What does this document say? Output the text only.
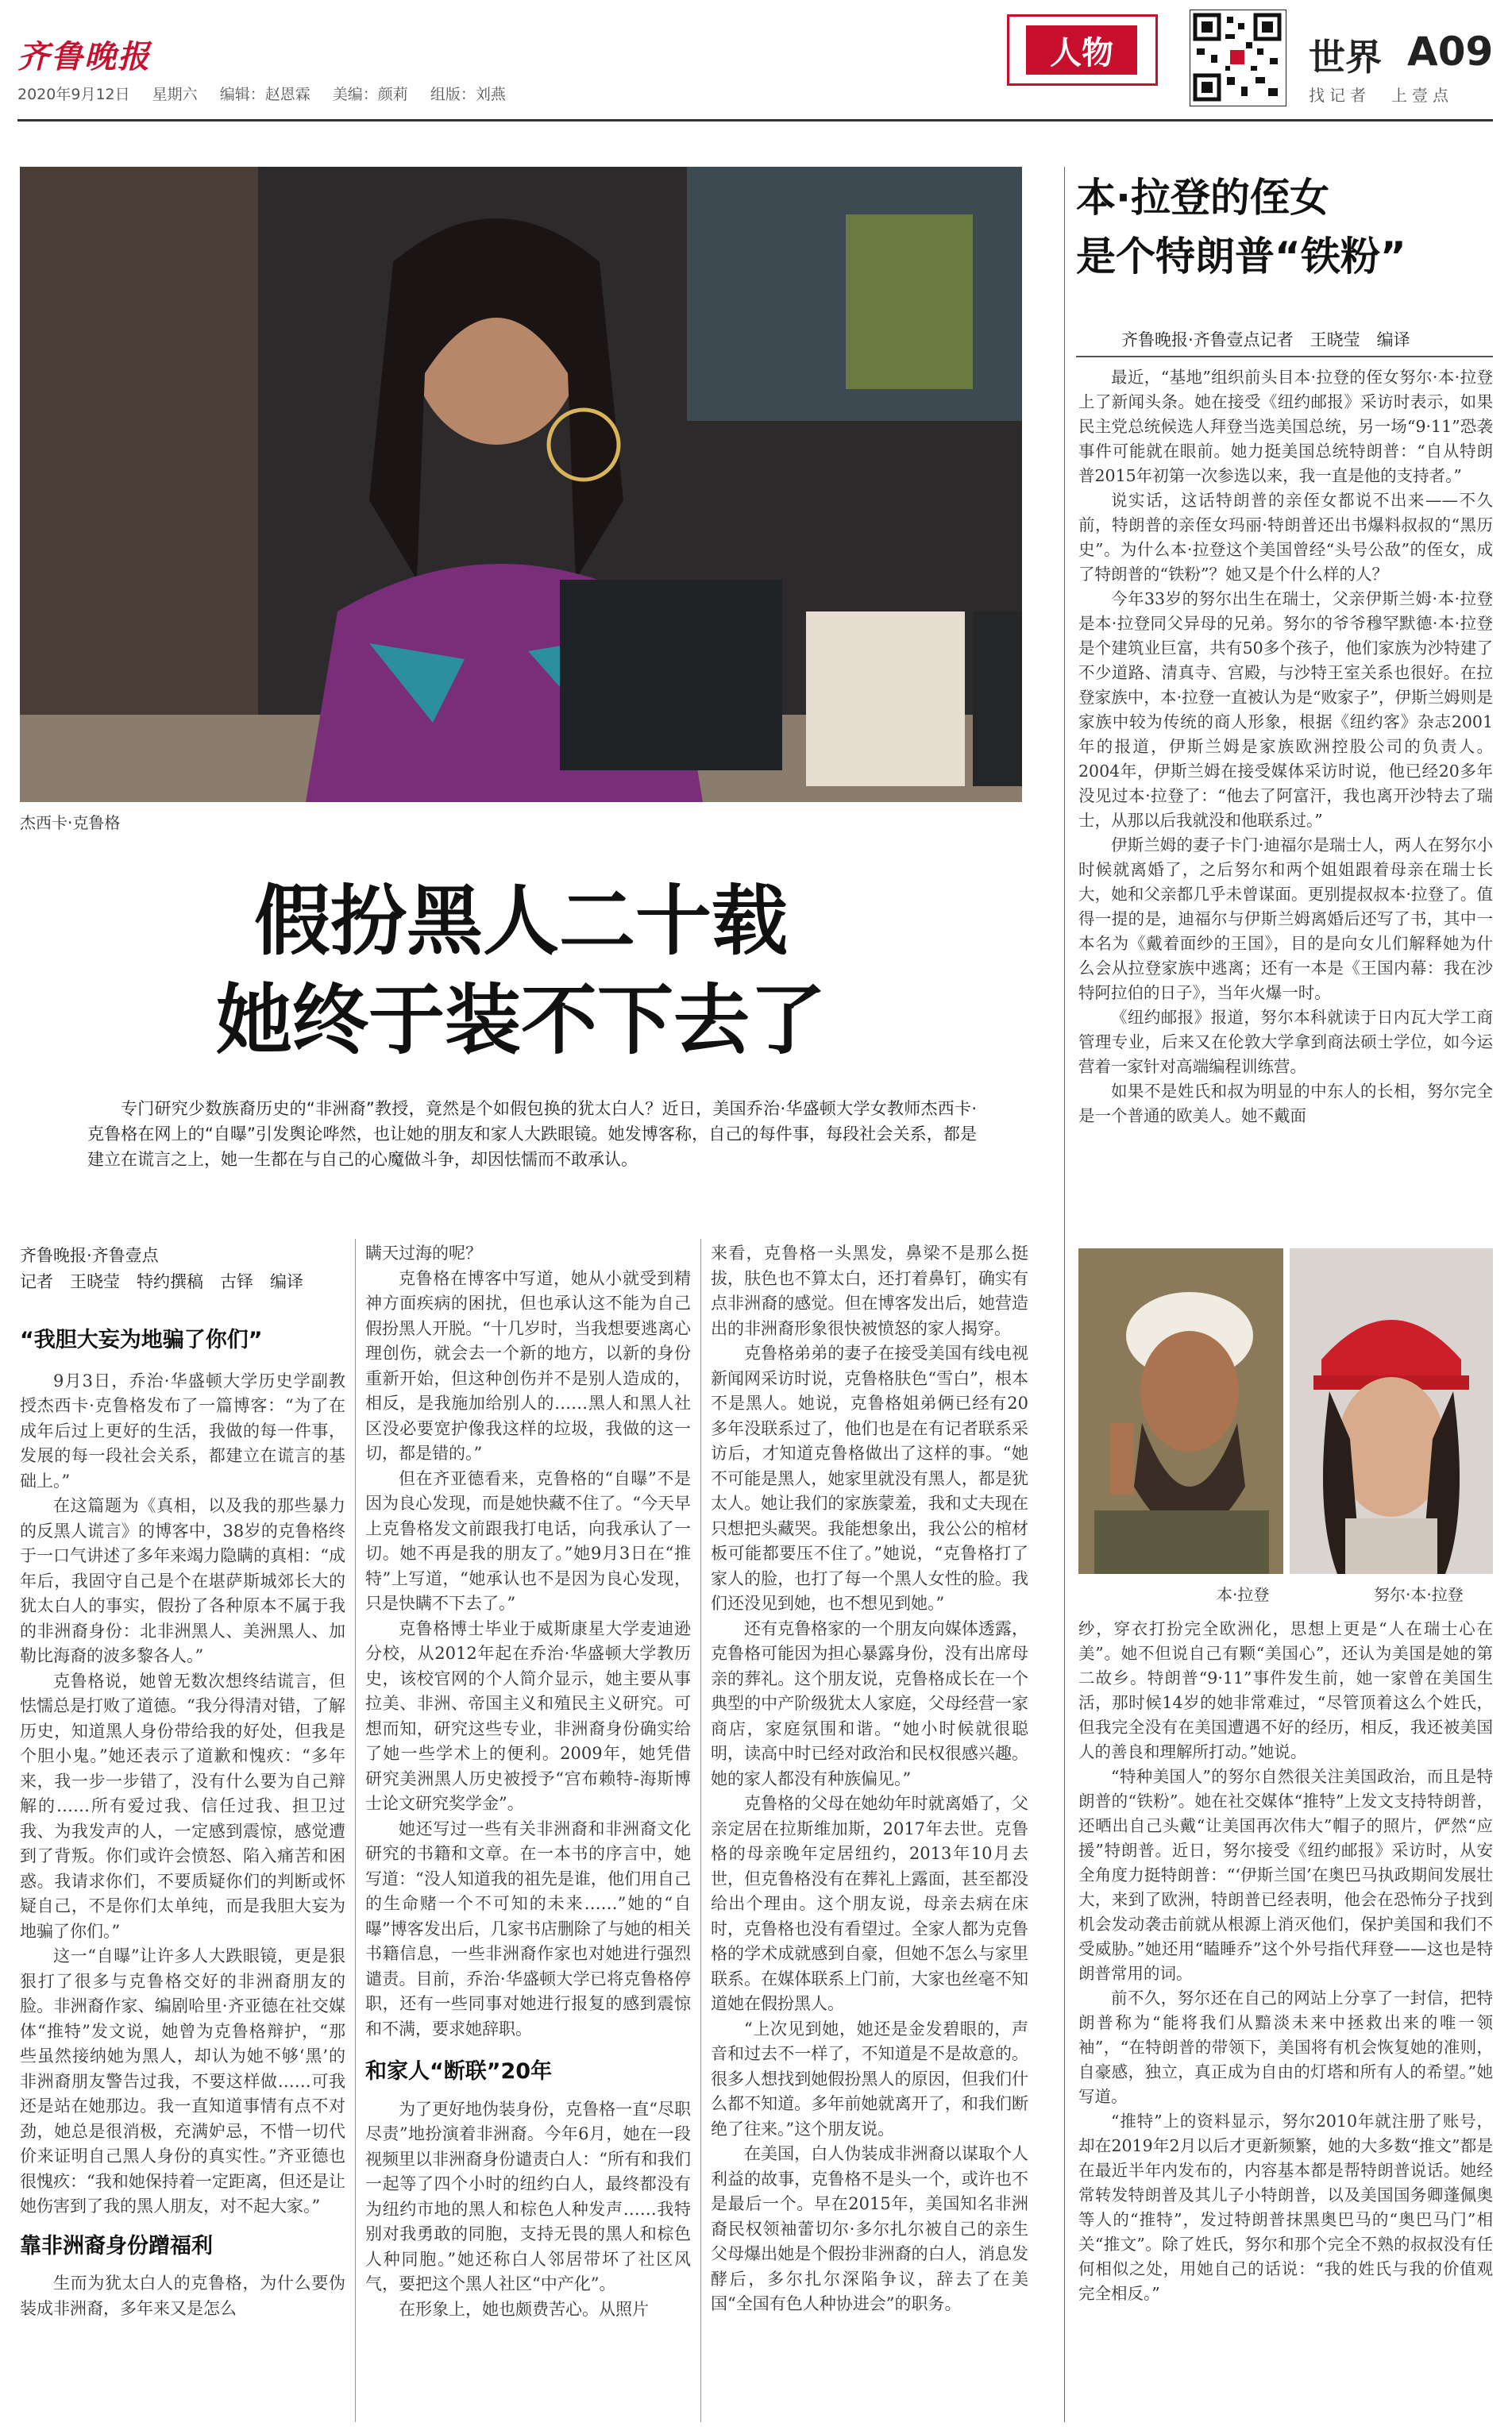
齐鲁晚报
2020年9月12日 星期六 编辑：赵恩霖 美编：颜莉 组版：刘燕
人物	世界 A09
找记者　上壹点
杰西卡·克鲁格
假扮黑人二十载
她终于装不下去了
专门研究少数族裔历史的“非洲裔”教授，竟然是个如假包换的犹太白人？近日，美国乔治·华盛顿大学女教师杰西卡·克鲁格在网上的“自曝”引发舆论哗然，也让她的朋友和家人大跌眼镜。她发博客称，自己的每件事，每段社会关系，都是建立在谎言之上，她一生都在与自己的心魔做斗争，却因怯懦而不敢承认。
齐鲁晚报·齐鲁壹点
记者　王晓莹　特约撰稿　古铎　编译
“我胆大妄为地骗了你们”

9月3日，乔治·华盛顿大学历史学副教授杰西卡·克鲁格发布了一篇博客：“为了在成年后过上更好的生活，我做的每一件事，发展的每一段社会关系，都建立在谎言的基础上。”

在这篇题为《真相，以及我的那些暴力的反黑人谎言》的博客中，38岁的克鲁格终于一口气讲述了多年来竭力隐瞒的真相：“成年后，我固守自己是个在堪萨斯城郊长大的犹太白人的事实，假扮了各种原本不属于我的非洲裔身份：北非洲黑人、美洲黑人、加勒比海裔的波多黎各人。”

克鲁格说，她曾无数次想终结谎言，但怯懦总是打败了道德。“我分得清对错，了解历史，知道黑人身份带给我的好处，但我是个胆小鬼。”她还表示了道歉和愧疚：“多年来，我一步一步错了，没有什么要为自己辩解的……所有爱过我、信任过我、担卫过我、为我发声的人，一定感到震惊，感觉遭到了背叛。你们或许会愤怒、陷入痛苦和困惑。我请求你们，不要质疑你们的判断或怀疑自己，不是你们太单纯，而是我胆大妄为地骗了你们。”

这一“自曝”让许多人大跌眼镜，更是狠狠打了很多与克鲁格交好的非洲裔朋友的脸。非洲裔作家、编剧哈里·齐亚德在社交媒体“推特”发文说，她曾为克鲁格辩护，“那些虽然接纳她为黑人，却认为她不够‘黑’的非洲裔朋友警告过我，不要这样做……可我还是站在她那边。我一直知道事情有点不对劲，她总是很消极，充满妒忌，不惜一切代价来证明自己黑人身份的真实性。”齐亚德也很愧疚：“我和她保持着一定距离，但还是让她伤害到了我的黑人朋友，对不起大家。”

靠非洲裔身份蹭福利

生而为犹太白人的克鲁格，为什么要伪装成非洲裔，多年来又是怎么

瞒天过海的呢？

克鲁格在博客中写道，她从小就受到精神方面疾病的困扰，但也承认这不能为自己假扮黑人开脱。“十几岁时，当我想要逃离心理创伤，就会去一个新的地方，以新的身份重新开始，但这种创伤并不是别人造成的，相反，是我施加给别人的……黑人和黑人社区没必要宽护像我这样的垃圾，我做的这一切，都是错的。”

但在齐亚德看来，克鲁格的“自曝”不是因为良心发现，而是她快藏不住了。“今天早上克鲁格发文前跟我打电话，向我承认了一切。她不再是我的朋友了。”她9月3日在“推特”上写道，“她承认也不是因为良心发现，只是快瞒不下去了。”

克鲁格博士毕业于威斯康星大学麦迪逊分校，从2012年起在乔治·华盛顿大学教历史，该校官网的个人简介显示，她主要从事拉美、非洲、帝国主义和殖民主义研究。可想而知，研究这些专业，非洲裔身份确实给了她一些学术上的便利。2009年，她凭借研究美洲黑人历史被授予“宫布赖特-海斯博士论文研究奖学金”。

她还写过一些有关非洲裔和非洲裔文化研究的书籍和文章。在一本书的序言中，她写道：“没人知道我的祖先是谁，他们用自己的生命赌一个不可知的未来……”她的“自曝”博客发出后，几家书店删除了与她的相关书籍信息，一些非洲裔作家也对她进行强烈谴责。目前，乔治·华盛顿大学已将克鲁格停职，还有一些同事对她进行报复的感到震惊和不满，要求她辞职。

和家人“断联”20年

为了更好地伪装身份，克鲁格一直“尽职尽责”地扮演着非洲裔。今年6月，她在一段视频里以非洲裔身份谴责白人：“所有和我们一起等了四个小时的纽约白人，最终都没有为纽约市地的黑人和棕色人种发声……我特别对我勇敢的同胞，支持无畏的黑人和棕色人种同胞。”她还称白人邻居带坏了社区风气，要把这个黑人社区“中产化”。

在形象上，她也颇费苦心。从照片

来看，克鲁格一头黑发，鼻梁不是那么挺拔，肤色也不算太白，还打着鼻钉，确实有点非洲裔的感觉。但在博客发出后，她营造出的非洲裔形象很快被愤怒的家人揭穿。

克鲁格弟弟的妻子在接受美国有线电视新闻网采访时说，克鲁格肤色“雪白”，根本不是黑人。她说，克鲁格姐弟俩已经有20多年没联系过了，他们也是在有记者联系采访后，才知道克鲁格做出了这样的事。“她不可能是黑人，她家里就没有黑人，都是犹太人。她让我们的家族蒙羞，我和丈夫现在只想把头藏哭。我能想象出，我公公的棺材板可能都要压不住了。”她说，“克鲁格打了家人的脸，也打了每一个黑人女性的脸。我们还没见到她，也不想见到她。”

还有克鲁格家的一个朋友向媒体透露，克鲁格可能因为担心暴露身份，没有出席母亲的葬礼。这个朋友说，克鲁格成长在一个典型的中产阶级犹太人家庭，父母经营一家商店，家庭氛围和谐。“她小时候就很聪明，读高中时已经对政治和民权很感兴趣。她的家人都没有种族偏见。”

克鲁格的父母在她幼年时就离婚了，父亲定居在拉斯维加斯，2017年去世。克鲁格的母亲晚年定居纽约，2013年10月去世，但克鲁格没有在葬礼上露面，甚至都没给出个理由。这个朋友说，母亲去病在床时，克鲁格也没有看望过。全家人都为克鲁格的学术成就感到自豪，但她不怎么与家里联系。在媒体联系上门前，大家也丝毫不知道她在假扮黑人。

“上次见到她，她还是金发碧眼的，声音和过去不一样了，不知道是不是故意的。很多人想找到她假扮黑人的原因，但我们什么都不知道。多年前她就离开了，和我们断绝了往来。”这个朋友说。

在美国，白人伪装成非洲裔以谋取个人利益的故事，克鲁格不是头一个，或许也不是最后一个。早在2015年，美国知名非洲裔民权领袖蕾切尔·多尔扎尔被自己的亲生父母爆出她是个假扮非洲裔的白人，消息发酵后，多尔扎尔深陷争议，辞去了在美国“全国有色人种协进会”的职务。

本·拉登的侄女
是个特朗普“铁粉”
齐鲁晚报·齐鲁壹点记者　王晓莹　编译

最近，“基地”组织前头目本·拉登的侄女努尔·本·拉登上了新闻头条。她在接受《纽约邮报》采访时表示，如果民主党总统候选人拜登当选美国总统，另一场“9·11”恐袭事件可能就在眼前。她力挺美国总统特朗普：“自从特朗普2015年初第一次参选以来，我一直是他的支持者。”

说实话，这话特朗普的亲侄女都说不出来——不久前，特朗普的亲侄女玛丽·特朗普还出书爆料叔叔的“黑历史”。为什么本·拉登这个美国曾经“头号公敌”的侄女，成了特朗普的“铁粉”？她又是个什么样的人？

今年33岁的努尔出生在瑞士，父亲伊斯兰姆·本·拉登是本·拉登同父异母的兄弟。努尔的爷爷穆罕默德·本·拉登是个建筑业巨富，共有50多个孩子，他们家族为沙特建了不少道路、清真寺、宫殿，与沙特王室关系也很好。在拉登家族中，本·拉登一直被认为是“败家子”，伊斯兰姆则是家族中较为传统的商人形象，根据《纽约客》杂志2001年的报道，伊斯兰姆是家族欧洲控股公司的负责人。2004年，伊斯兰姆在接受媒体采访时说，他已经20多年没见过本·拉登了：“他去了阿富汗，我也离开沙特去了瑞士，从那以后我就没和他联系过。”

伊斯兰姆的妻子卡门·迪福尔是瑞士人，两人在努尔小时候就离婚了，之后努尔和两个姐姐跟着母亲在瑞士长大，她和父亲都几乎未曾谋面。更别提叔叔本·拉登了。值得一提的是，迪福尔与伊斯兰姆离婚后还写了书，其中一本名为《戴着面纱的王国》，目的是向女儿们解释她为什么会从拉登家族中逃离；还有一本是《王国内幕：我在沙特阿拉伯的日子》，当年火爆一时。

《纽约邮报》报道，努尔本科就读于日内瓦大学工商管理专业，后来又在伦敦大学拿到商法硕士学位，如今运营着一家针对高端编程训练营。

如果不是姓氏和叔为明显的中东人的长相，努尔完全是一个普通的欧美人。她不戴面

本·拉登	努尔·本·拉登

纱，穿衣打扮完全欧洲化，思想上更是“人在瑞士心在美”。她不但说自己有颗“美国心”，还认为美国是她的第二故乡。特朗普“9·11”事件发生前，她一家曾在美国生活，那时候14岁的她非常难过，“尽管顶着这么个姓氏，但我完全没有在美国遭遇不好的经历，相反，我还被美国人的善良和理解所打动。”她说。

“特种美国人”的努尔自然很关注美国政治，而且是特朗普的“铁粉”。她在社交媒体“推特”上发文支持特朗普，还晒出自己头戴“让美国再次伟大”帽子的照片，俨然“应援”特朗普。近日，努尔接受《纽约邮报》采访时，从安全角度力挺特朗普：“‘伊斯兰国’在奥巴马执政期间发展壮大，来到了欧洲，特朗普已经表明，他会在恐怖分子找到机会发动袭击前就从根源上消灭他们，保护美国和我们不受威胁。”她还用“瞌睡乔”这个外号指代拜登——这也是特朗普常用的词。

前不久，努尔还在自己的网站上分享了一封信，把特朗普称为“能将我们从黯淡未来中拯救出来的唯一领袖”，“在特朗普的带领下，美国将有机会恢复她的准则，自豪感，独立，真正成为自由的灯塔和所有人的希望。”她写道。

“推特”上的资料显示，努尔2010年就注册了账号，却在2019年2月以后才更新频繁，她的大多数“推文”都是在最近半年内发布的，内容基本都是帮特朗普说话。她经常转发特朗普及其儿子小特朗普，以及美国国务卿蓬佩奥等人的“推特”，发过特朗普抹黑奥巴马的“奥巴马门”相关“推文”。除了姓氏，努尔和那个完全不熟的叔叔没有任何相似之处，用她自己的话说：“我的姓氏与我的价值观完全相反。”
